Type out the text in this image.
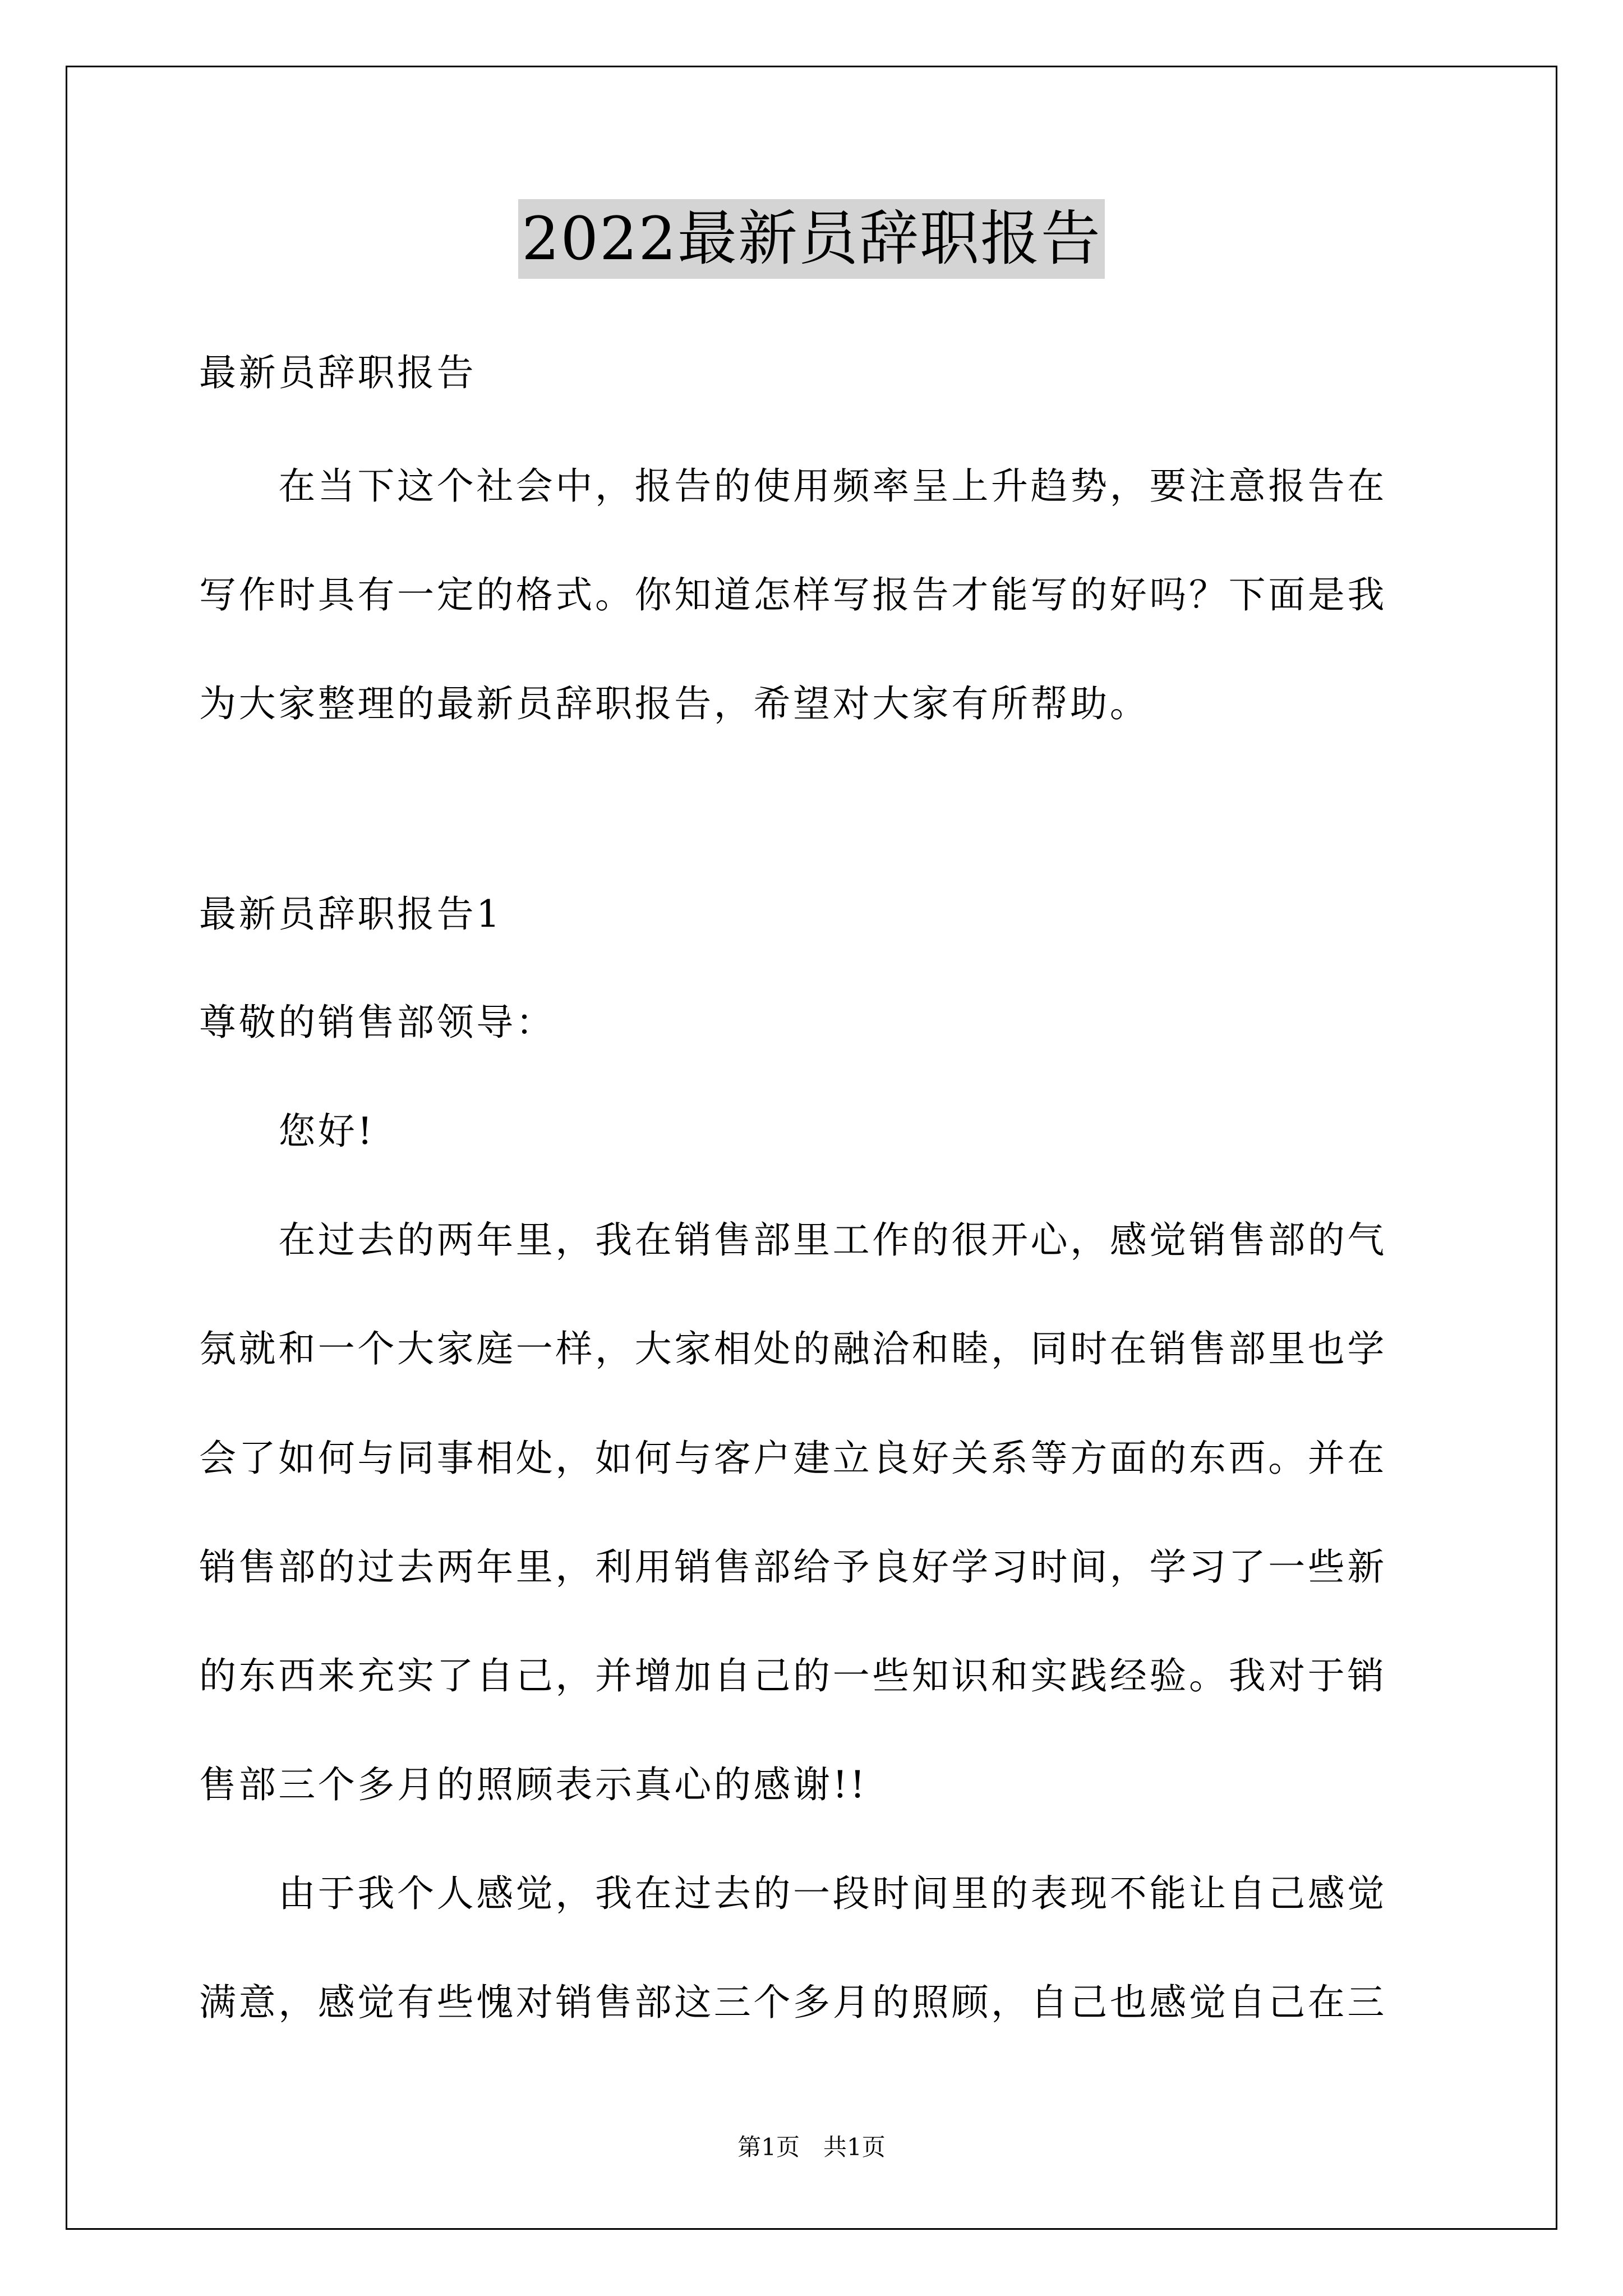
2022最新员辞职报告
最新员辞职报告
　　在当下这个社会中，报告的使用频率呈上升趋势，要注意报告在
写作时具有一定的格式。你知道怎样写报告才能写的好吗？下面是我
为大家整理的最新员辞职报告，希望对大家有所帮助。
最新员辞职报告1
尊敬的销售部领导：
　　您好!
　　在过去的两年里，我在销售部里工作的很开心，感觉销售部的气
氛就和一个大家庭一样，大家相处的融洽和睦，同时在销售部里也学
会了如何与同事相处，如何与客户建立良好关系等方面的东西。并在
销售部的过去两年里，利用销售部给予良好学习时间，学习了一些新
的东西来充实了自己，并增加自己的一些知识和实践经验。我对于销
售部三个多月的照顾表示真心的感谢!!
　　由于我个人感觉，我在过去的一段时间里的表现不能让自己感觉
满意，感觉有些愧对销售部这三个多月的照顾，自己也感觉自己在三
第1页　共1页
